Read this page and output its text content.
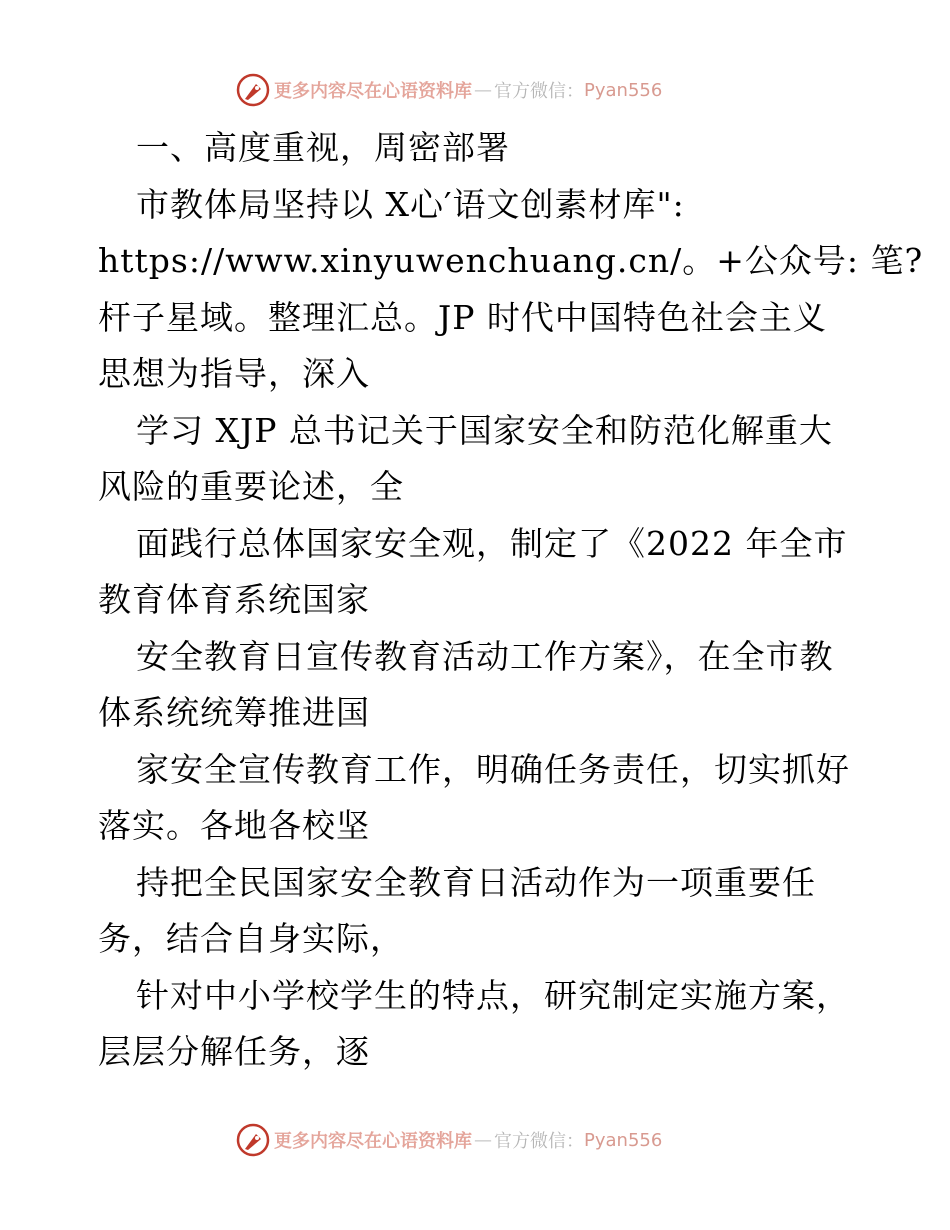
更多内容尽在心语资料库 — 官方微信： Pyan556
一、高度重视，周密部署
市教体局坚持以 X心′语文创素材库":
https://www.xinyuwenchuang.cn/。+公众号: 笔?
杆子星域。整理汇总。JP 时代中国特色社会主义
思想为指导，深入
学习 XJP 总书记关于国家安全和防范化解重大
风险的重要论述，全
面践行总体国家安全观，制定了《2022 年全市
教育体育系统国家
安全教育日宣传教育活动工作方案》，在全市教
体系统统筹推进国
家安全宣传教育工作，明确任务责任，切实抓好
落实。各地各校坚
持把全民国家安全教育日活动作为一项重要任
务，结合自身实际，
针对中小学校学生的特点，研究制定实施方案，
层层分解任务，逐
更多内容尽在心语资料库 — 官方微信： Pyan556
